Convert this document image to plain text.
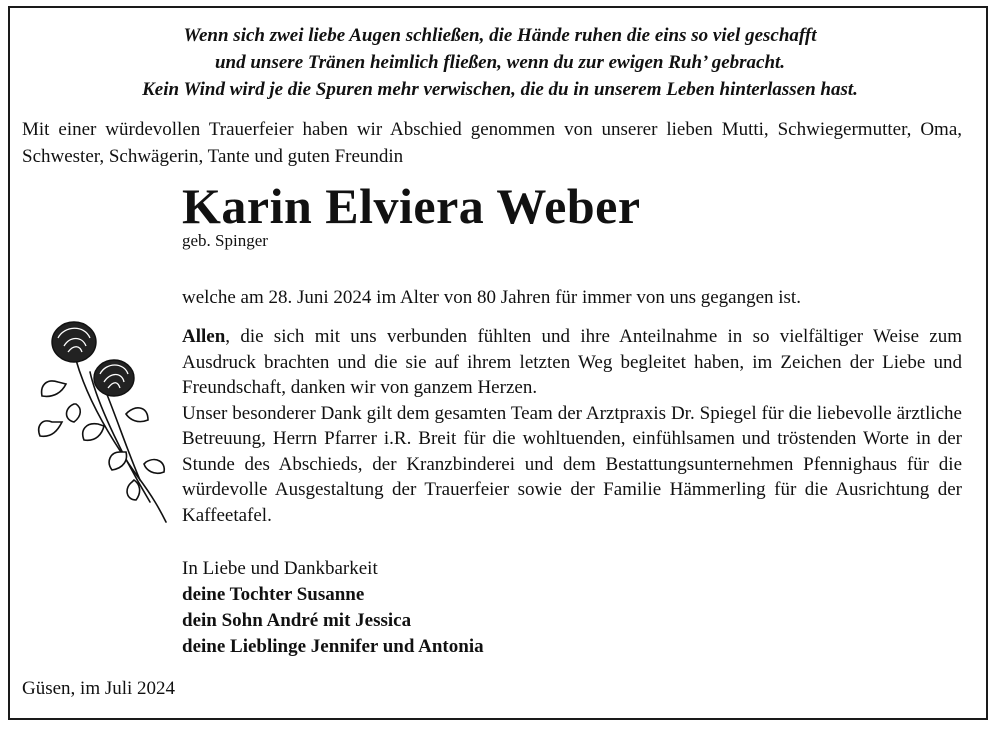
Wenn sich zwei liebe Augen schließen, die Hände ruhen die eins so viel geschafft
und unsere Tränen heimlich fließen, wenn du zur ewigen Ruh’ gebracht.
Kein Wind wird je die Spuren mehr verwischen, die du in unserem Leben hinterlassen hast.
Mit einer würdevollen Trauerfeier haben wir Abschied genommen von unserer lieben Mutti, Schwiegermutter, Oma, Schwester, Schwägerin, Tante und guten Freundin
Karin Elviera Weber
geb. Spinger
welche am 28. Juni 2024 im Alter von 80 Jahren für immer von uns gegangen ist.

Allen, die sich mit uns verbunden fühlten und ihre Anteilnahme in so vielfältiger Weise zum Ausdruck brachten und die sie auf ihrem letzten Weg begleitet haben, im Zeichen der Liebe und Freundschaft, danken wir von ganzem Herzen.

Unser besonderer Dank gilt dem gesamten Team der Arztpraxis Dr. Spiegel für die liebevolle ärztliche Betreuung, Herrn Pfarrer i.R. Breit für die wohltuenden, einfühlsamen und tröstenden Worte in der Stunde des Abschieds, der Kranzbinderei und dem Bestattungsunternehmen Pfennighaus für die würdevolle Ausgestaltung der Trauerfeier sowie der Familie Hämmerling für die Ausrichtung der Kaffeetafel.

In Liebe und Dankbarkeit
deine Tochter Susanne
dein Sohn André mit Jessica
deine Lieblinge Jennifer und Antonia
Güsen, im Juli 2024
